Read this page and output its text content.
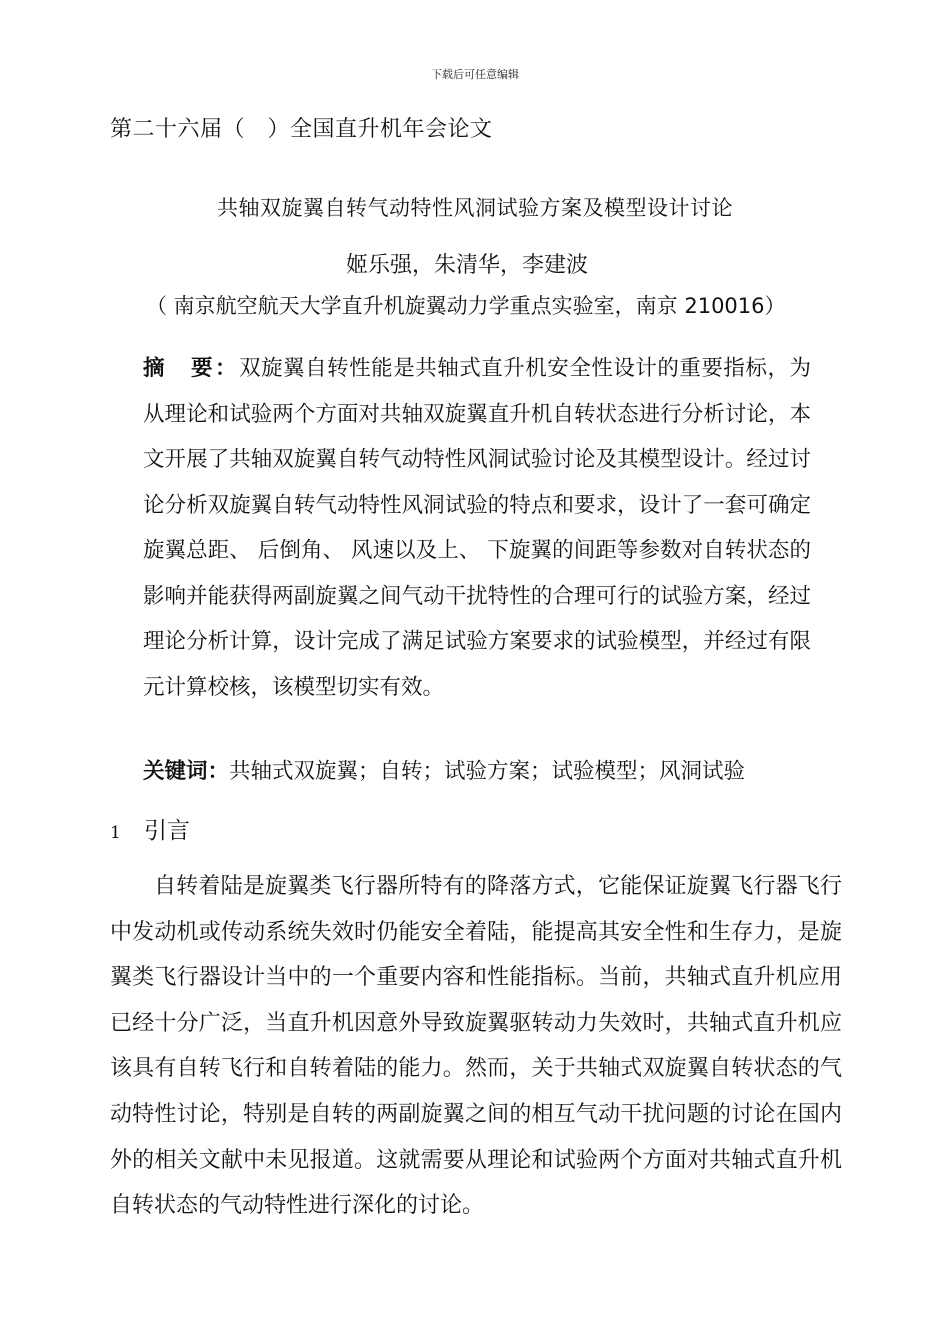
下载后可任意编辑
第二十六届（　）全国直升机年会论文
共轴双旋翼自转气动特性风洞试验方案及模型设计讨论
姬乐强，朱清华，李建波
（ 南京航空航天大学直升机旋翼动力学重点实验室，南京 210016）
摘　要：双旋翼自转性能是共轴式直升机安全性设计的重要指标，为从理论和试验两个方面对共轴双旋翼直升机自转状态进行分析讨论，本文开展了共轴双旋翼自转气动特性风洞试验讨论及其模型设计。经过讨论分析双旋翼自转气动特性风洞试验的特点和要求，设计了一套可确定旋翼总距、 后倒角、 风速以及上、 下旋翼的间距等参数对自转状态的影响并能获得两副旋翼之间气动干扰特性的合理可行的试验方案，经过理论分析计算，设计完成了满足试验方案要求的试验模型，并经过有限元计算校核，该模型切实有效。
关键词：共轴式双旋翼；自转；试验方案；试验模型；风洞试验
1 引言
自转着陆是旋翼类飞行器所特有的降落方式，它能保证旋翼飞行器飞行中发动机或传动系统失效时仍能安全着陆，能提高其安全性和生存力，是旋翼类飞行器设计当中的一个重要内容和性能指标。当前，共轴式直升机应用已经十分广泛，当直升机因意外导致旋翼驱转动力失效时，共轴式直升机应该具有自转飞行和自转着陆的能力。然而，关于共轴式双旋翼自转状态的气动特性讨论，特别是自转的两副旋翼之间的相互气动干扰问题的讨论在国内外的相关文献中未见报道。这就需要从理论和试验两个方面对共轴式直升机自转状态的气动特性进行深化的讨论。
